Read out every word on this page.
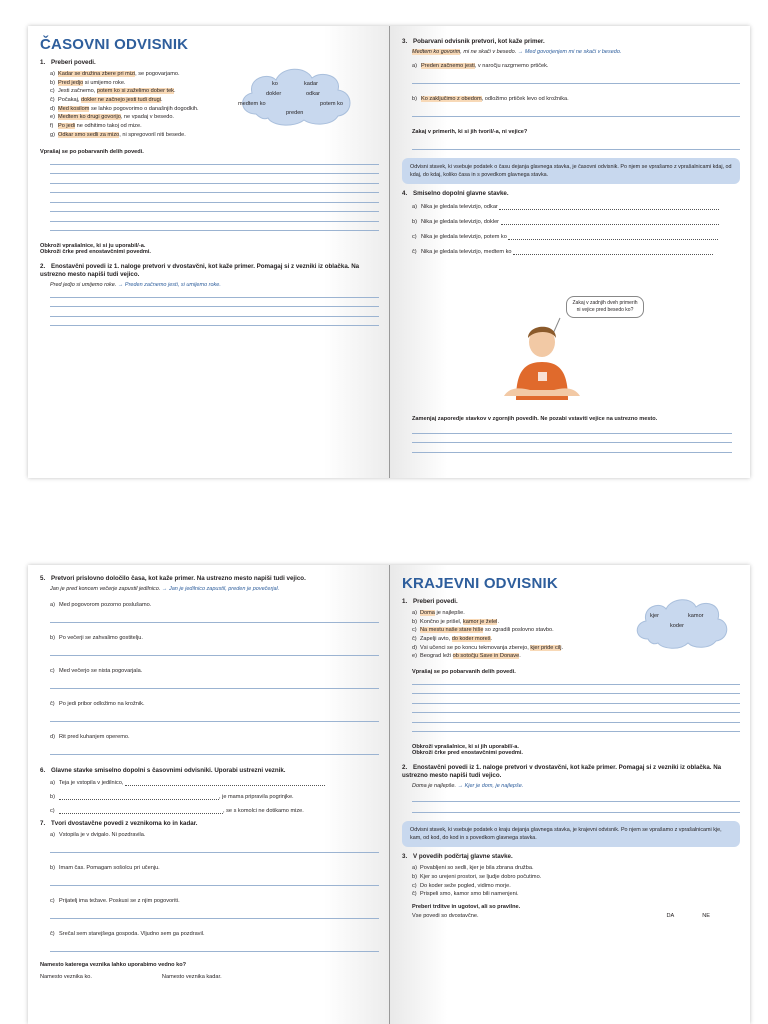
ČASOVNI ODVISNIK
1. Preberi povedi.
a) Kadar se družina zbere pri mizi, se pogovarjamo.
b) Pred jedjo si umijemo roke.
c) Jesti začnemo, potem ko si zaželimo dober tek.
č) Počakaj, dokler ne začnejo jesti tudi drugi.
d) Med kosilom se lahko pogovorimo o današnjih dogodkih.
e) Medtem ko drugi govorijo, ne vpadaj v besedo.
f) Po jedi ne odhitimo takoj od mize.
g) Odkar smo sedli za mizo, ni spregovoril niti besede.
ko	kadar
dokler	odkar
medtem ko	potem ko
preden
Vprašaj se po pobarvanih delih povedi.
Obkroži vprašalnice, ki si ju uporabil/-a.
Obkroži črke pred enostavčnimi povedmi.
2. Enostavčni povedi iz 1. naloge pretvori v dvostavčni, kot kaže primer. Pomagaj si z vezniki iz oblačka. Na ustrezno mesto napiši tudi vejico.
Pred jedjo si umijemo roke. → Preden začnemo jesti, si umijemo roke.
3. Pobarvani odvisnik pretvori, kot kaže primer.
Medtem ko govorim, mi ne skači v besedo. → Med govorjenjem mi ne skači v besedo.
a) Preden začnemo jesti, v naročju razgrnemo prtiček.
b) Ko zaključimo z obedom, odložimo prtiček levo od krožnika.
Zakaj v primerih, ki si jih tvoril/-a, ni vejice?
Odvisni stavek, ki vsebuje podatek o času dejanja glavnega stavka, je časovni odvisnik. Po njem se vprašamo z vprašalnicami kdaj, od kdaj, do kdaj, koliko časa in s povedkom glavnega stavka.
4. Smiselno dopolni glavne stavke.
a) Nika je gledala televizijo, odkar
b) Nika je gledala televizijo, dokler
c) Nika je gledala televizijo, potem ko
č) Nika je gledala televizijo, medtem ko
Zakaj v zadnjih dveh primerih ni vejice pred besedo ko?
Zamenjaj zaporedje stavkov v zgornjih povedih. Ne pozabi vstaviti vejice na ustrezno mesto.
5. Pretvori prislovno določilo časa, kot kaže primer. Na ustrezno mesto napiši tudi vejico.
Jan je pred koncem večerje zapustil jedilnico. → Jan je jedilnico zapustil, preden je povečerjal.
a) Med pogovorom pozorno poslušamo.
b) Po večerji se zahvalimo gostitelju.
c) Med večerjo se nista pogovarjala.
č) Po jedi pribor odložimo na krožnik.
d) Rit pred kuhanjem operemo.
6. Glavne stavke smiselno dopolni s časovnimi odvisniki. Uporabi ustrezni veznik.
a) Teja je vstopila v jedilnico,
b)	, je mama pripravila pogrinjke.
c)	, se s komolci ne dotikamo mize.
7. Tvori dvostavčne povedi z veznikoma ko in kadar.
a) Vstopila je v dvigalo. Ni pozdravila.
b) Imam čas. Pomagam sošolcu pri učenju.
c) Prijatelj ima težave. Poskusi se z njim pogovoriti.
č) Srečal sem starejšega gospoda. Vljudno sem ga pozdravil.
Namesto katerega veznika lahko uporabimo vedno ko?
Namesto veznika ko.	Namesto veznika kadar.
KRAJEVNI ODVISNIK
1. Preberi povedi.
a) Doma je najlepše.
b) Končno je prišel, kamor je želel.
c) Na mestu naše stare hiše so zgradili poslovno stavbo.
č) Zapelji avto, do koder moreš.
d) Vsi učenci se po koncu tekmovanja zberejo, kjer pride cilj.
e) Beograd leži ob sotočju Save in Donave.
kjer	kamor
koder
Vprašaj se po pobarvanih delih povedi.
Obkroži vprašalnice, ki si jih uporabil/-a.
Obkroži črke pred enostavčnimi povedmi.
2. Enostavčni povedi iz 1. naloge pretvori v dvostavčni, kot kaže primer. Pomagaj si z vezniki iz oblačka. Na ustrezno mesto napiši tudi vejico.
Doma je najlepše. → Kjer je dom, je najlepše.
Odvisni stavek, ki vsebuje podatek o kraju dejanja glavnega stavka, je krajevni odvisnik. Po njem se vprašamo z vprašalnicami kje, kam, od kod, do kod in s povedkom glavnega stavka.
3. V povedih podčrtaj glavne stavke.
a) Povabljeni so sedli, kjer je bila zbrana družba.
b) Kjer so urejeni prostori, se ljudje dobro počutimo.
c) Do koder seže pogled, vidimo morje.
č) Prispeli smo, kamor smo bili namenjeni.
Preberi trditve in ugotovi, ali so pravilne.
Vse povedi so dvostavčne.	DA	NE
